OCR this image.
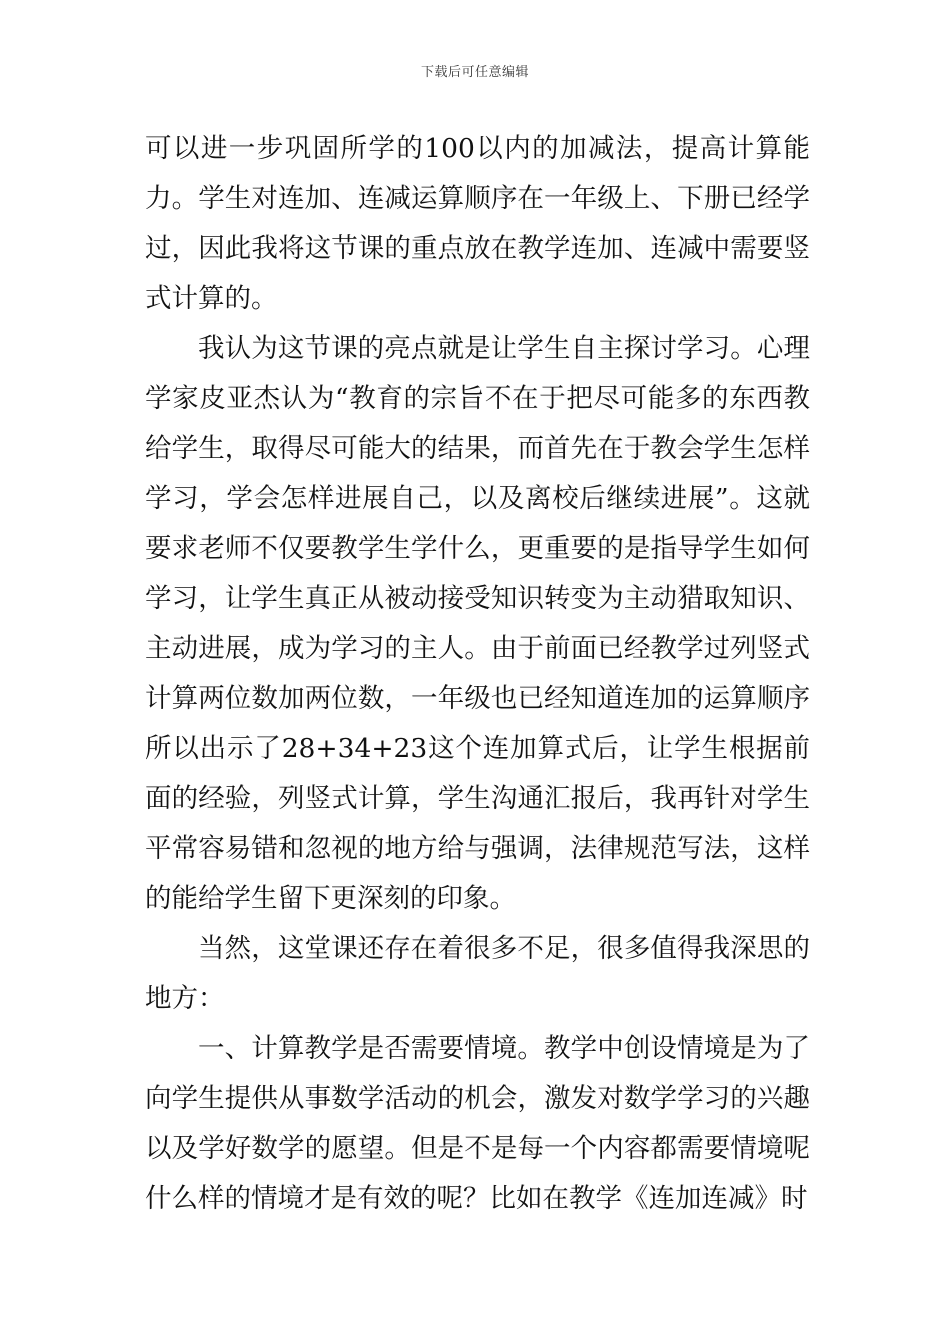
下载后可任意编辑

可以进一步巩固所学的100以内的加减法，提高计算能力。学生对连加、连减运算顺序在一年级上、下册已经学过，因此我将这节课的重点放在教学连加、连减中需要竖式计算的。

我认为这节课的亮点就是让学生自主探讨学习。心理学家皮亚杰认为“教育的宗旨不在于把尽可能多的东西教给学生，取得尽可能大的结果，而首先在于教会学生怎样学习，学会怎样进展自己，以及离校后继续进展”。这就要求老师不仅要教学生学什么，更重要的是指导学生如何学习，让学生真正从被动接受知识转变为主动猎取知识、主动进展，成为学习的主人。由于前面已经教学过列竖式计算两位数加两位数，一年级也已经知道连加的运算顺序所以出示了28+34+23这个连加算式后，让学生根据前面的经验，列竖式计算，学生沟通汇报后，我再针对学生平常容易错和忽视的地方给与强调，法律规范写法，这样的能给学生留下更深刻的印象。

当然，这堂课还存在着很多不足，很多值得我深思的地方：

一、计算教学是否需要情境。教学中创设情境是为了向学生提供从事数学活动的机会，激发对数学学习的兴趣以及学好数学的愿望。但是不是每一个内容都需要情境呢什么样的情境才是有效的呢？比如在教学《连加连减》时
